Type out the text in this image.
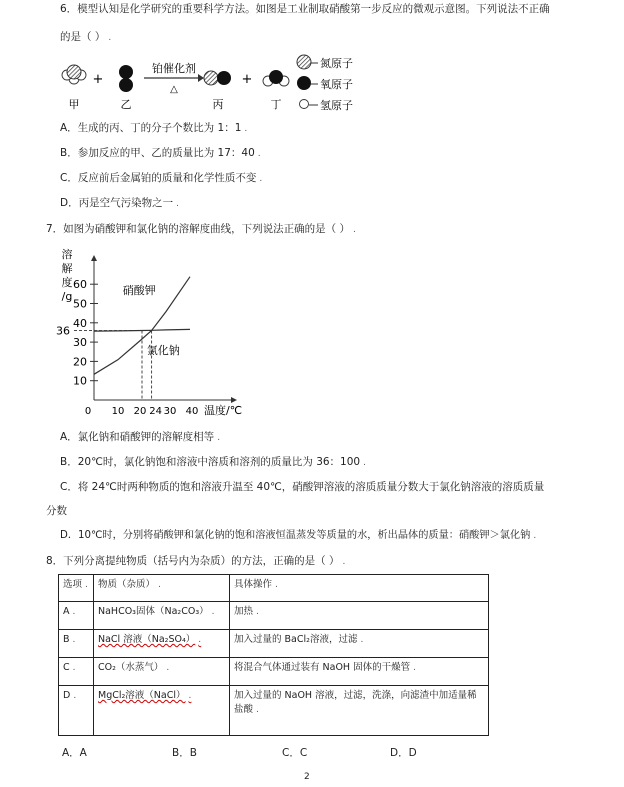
6．模型认知是化学研究的重要科学方法。如图是工业制取硝酸第一步反应的微观示意图。下列说法不正确
的是（ ） .
+
铂催化剂
△
+
甲	乙	丙	丁
氮原子
氧原子
氢原子
A．生成的丙、丁的分子个数比为 1：1 .
B．参加反应的甲、乙的质量比为 17：40 .
C．反应前后金属铂的质量和化学性质不变 .
D．丙是空气污染物之一 .
7．如图为硝酸钾和氯化钠的溶解度曲线，下列说法正确的是（ ） .
溶
解
度
/g
10
20
30
40
50
60
0 10 20 24 30 40 温度/℃
36
硝酸钾
氯化钠
A．氯化钠和硝酸钾的溶解度相等 .
B．20℃时，氯化钠饱和溶液中溶质和溶剂的质量比为 36：100 .
C．将 24℃时两种物质的饱和溶液升温至 40℃，硝酸钾溶液的溶质质量分数大于氯化钠溶液的溶质质量
分数
D．10℃时，分别将硝酸钾和氯化钠的饱和溶液恒温蒸发等质量的水，析出晶体的质量：硝酸钾＞氯化钠 .
8．下列分离提纯物质（括号内为杂质）的方法，正确的是（ ） .
选项 .	物质（杂质） .	具体操作 .
A .	NaHCO₃固体（Na₂CO₃） .	加热 .
B .	NaCl 溶液（Na₂SO₄） .	加入过量的 BaCl₂溶液，过滤 .
C .	CO₂（水蒸气） .	将混合气体通过装有 NaOH 固体的干燥管 .
D .	MgCl₂溶液（NaCl） .	加入过量的 NaOH 溶液，过滤，洗涤，向滤渣中加适量稀盐酸 .
A．A	B．B	C．C	D．D
2
